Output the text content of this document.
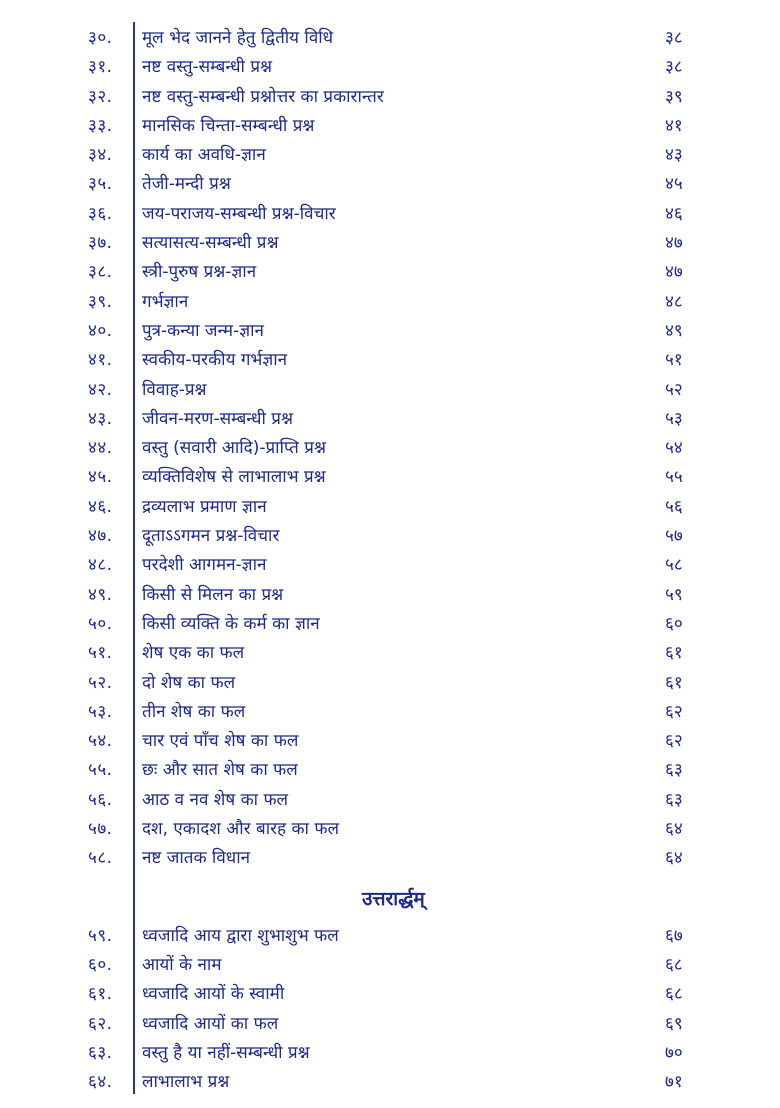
३०.	मूल भेद जानने हेतु द्वितीय विधि	३८
३१.	नष्ट वस्तु-सम्बन्धी प्रश्न	३८
३२.	नष्ट वस्तु-सम्बन्धी प्रश्नोत्तर का प्रकारान्तर	३९
३३.	मानसिक चिन्ता-सम्बन्धी प्रश्न	४१
३४.	कार्य का अवधि-ज्ञान	४३
३५.	तेजी-मन्दी प्रश्न	४५
३६.	जय-पराजय-सम्बन्धी प्रश्न-विचार	४६
३७.	सत्यासत्य-सम्बन्धी प्रश्न	४७
३८.	स्त्री-पुरुष प्रश्न-ज्ञान	४७
३९.	गर्भज्ञान	४८
४०.	पुत्र-कन्या जन्म-ज्ञान	४९
४१.	स्वकीय-परकीय गर्भज्ञान	५१
४२.	विवाह-प्रश्न	५२
४३.	जीवन-मरण-सम्बन्धी प्रश्न	५३
४४.	वस्तु (सवारी आदि)-प्राप्ति प्रश्न	५४
४५.	व्यक्तिविशेष से लाभालाभ प्रश्न	५५
४६.	द्रव्यलाभ प्रमाण ज्ञान	५६
४७.	दूताऽऽगमन प्रश्न-विचार	५७
४८.	परदेशी आगमन-ज्ञान	५८
४९.	किसी से मिलन का प्रश्न	५९
५०.	किसी व्यक्ति के कर्म का ज्ञान	६०
५१.	शेष एक का फल	६१
५२.	दो शेष का फल	६१
५३.	तीन शेष का फल	६२
५४.	चार एवं पाँच शेष का फल	६२
५५.	छः और सात शेष का फल	६३
५६.	आठ व नव शेष का फल	६३
५७.	दश, एकादश और बारह का फल	६४
५८.	नष्ट जातक विधान	६४
उत्तरार्द्धम्
५९.	ध्वजादि आय द्वारा शुभाशुभ फल	६७
६०.	आयों के नाम	६८
६१.	ध्वजादि आयों के स्वामी	६८
६२.	ध्वजादि आयों का फल	६९
६३.	वस्तु है या नहीं-सम्बन्धी प्रश्न	७०
६४.	लाभालाभ प्रश्न	७१
